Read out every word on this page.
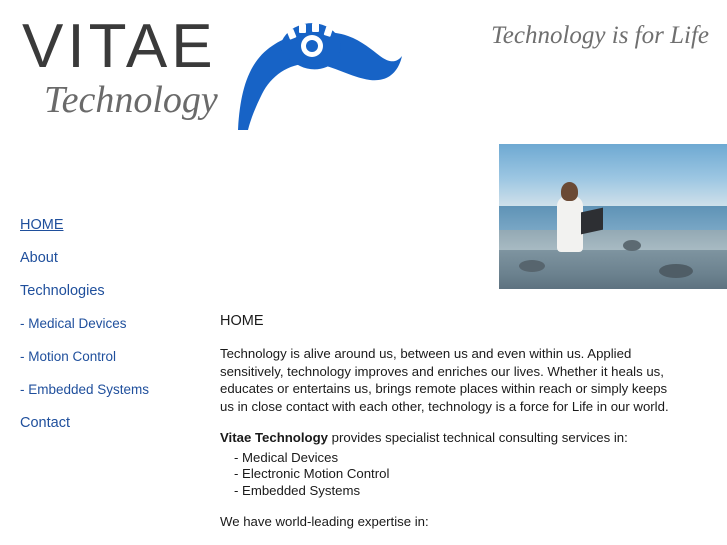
VITAE
Technology
Technology is for Life
HOME
About
Technologies
- Medical Devices
- Motion Control
- Embedded Systems
Contact
HOME

Technology is alive around us, between us and even within us. Applied sensitively, technology improves and enriches our lives. Whether it heals us, educates or entertains us, brings remote places within reach or simply keeps us in close contact with each other, technology is a force for Life in our world.

Vitae Technology provides specialist technical consulting services in:

- Medical Devices
- Electronic Motion Control
- Embedded Systems

We have world-leading expertise in:
